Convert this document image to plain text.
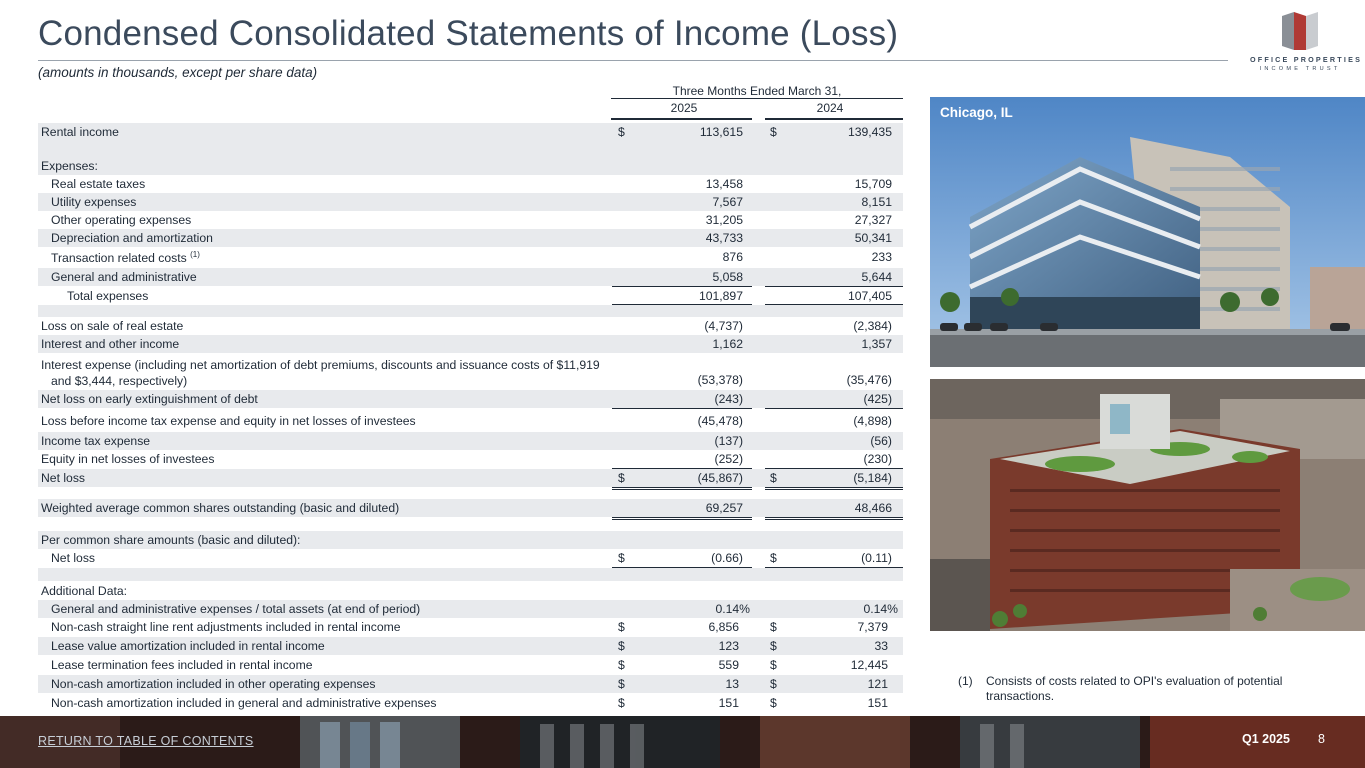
Condensed Consolidated Statements of Income (Loss)
(amounts in thousands, except per share data)
OFFICE PROPERTIES
INCOME TRUST
Three Months Ended March 31,
2025	2024
Rental income	$	113,615 $	139,435
Expenses:
Real estate taxes	13,458	15,709
Utility expenses	7,567	8,151
Other operating expenses	31,205	27,327
Depreciation and amortization	43,733	50,341
Transaction related costs $^{(1)}$	876	233
General and administrative	5,058	5,644
Total expenses	101,897	107,405
Loss on sale of real estate	(4,737)	(2,384)
Interest and other income	1,162	1,357
Interest expense (including net amortization of debt premiums, discounts and issuance costs of $11,919 and $3,444, respectively)	(53,378)	(35,476)
Net loss on early extinguishment of debt	(243)	(425)
Loss before income tax expense and equity in net losses of investees	(45,478)	(4,898)
Income tax expense	(137)	(56)
Equity in net losses of investees	(252)	(230)
Net loss	$	(45,867) $	(5,184)
Weighted average common shares outstanding (basic and diluted)	69,257	48,466
Per common share amounts (basic and diluted):
Net loss	$	(0.66) $	(0.11)
Additional Data:
General and administrative expenses / total assets (at end of period)	0.14%	0.14%
Non-cash straight line rent adjustments included in rental income	$	6,856	$	7,379
Lease value amortization included in rental income	$	123	$	33
Lease termination fees included in rental income	$	559	$	12,445
Non-cash amortization included in other operating expenses	$	13	$	121
Non-cash amortization included in general and administrative expenses	$	151	$	151
Chicago, IL
(1) Consists of costs related to OPI's evaluation of potential transactions.
RETURN TO TABLE OF CONTENTS	Q1 2025 8
